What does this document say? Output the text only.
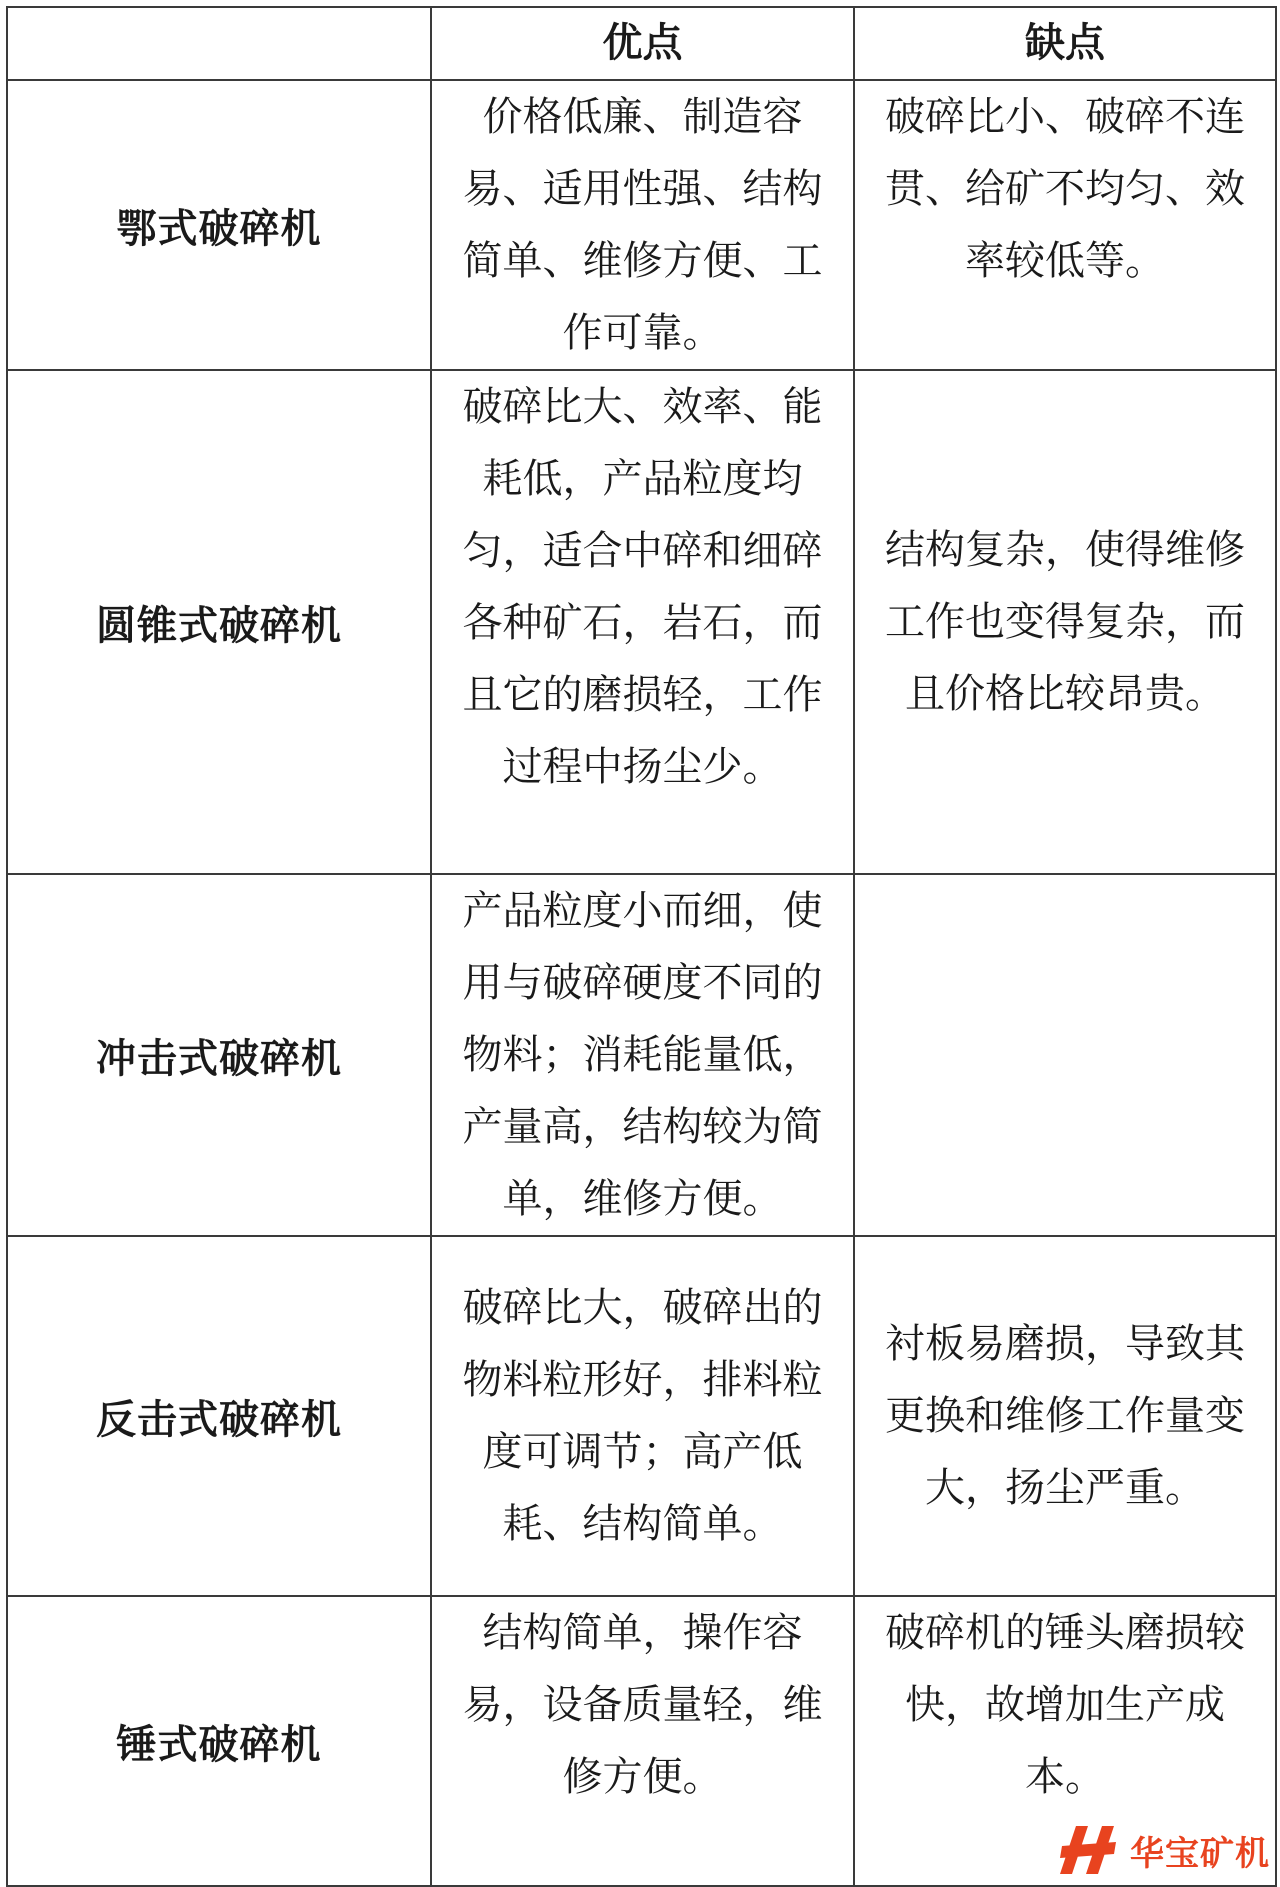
	优点	缺点
鄂式破碎机	价格低廉、制造容易、适用性强、结构简单、维修方便、工作可靠。	破碎比小、破碎不连贯、给矿不均匀、效率较低等。
圆锥式破碎机	破碎比大、效率、能耗低，产品粒度均匀，适合中碎和细碎各种矿石，岩石，而且它的磨损轻，工作过程中扬尘少。	结构复杂，使得维修工作也变得复杂，而且价格比较昂贵。
冲击式破碎机	产品粒度小而细，使用与破碎硬度不同的物料；消耗能量低，产量高，结构较为简单，维修方便。	
反击式破碎机	破碎比大，破碎出的物料粒形好，排料粒度可调节；高产低耗、结构简单。	衬板易磨损，导致其更换和维修工作量变大，扬尘严重。
锤式破碎机	结构简单，操作容易，设备质量轻，维修方便。	破碎机的锤头磨损较快，故增加生产成本。
华宝矿机
